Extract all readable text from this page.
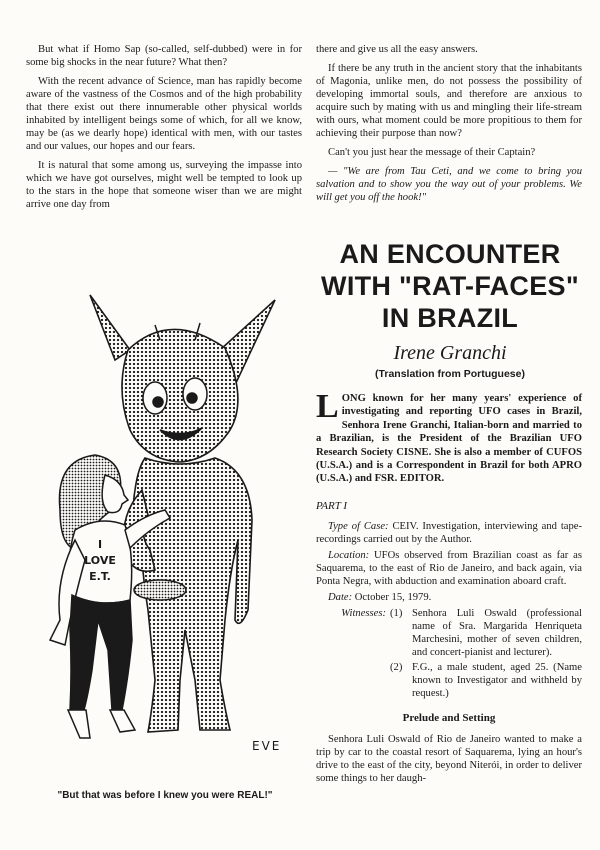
But what if Homo Sap (so-called, self-dubbed) were in for some big shocks in the near future? What then?

With the recent advance of Science, man has rapidly become aware of the vastness of the Cosmos and of the high probability that there exist out there innumerable other physical worlds inhabited by intelligent beings some of which, for all we know, may be (as we dearly hope) identical with men, with our tastes and our values, our hopes and our fears.

It is natural that some among us, surveying the impasse into which we have got ourselves, might well be tempted to look up to the stars in the hope that someone wiser than we are might arrive one day from

there and give us all the easy answers.

If there be any truth in the ancient story that the inhabitants of Magonia, unlike men, do not possess the possibility of developing immortal souls, and therefore are anxious to acquire such by mating with us and mingling their life-stream with ours, what moment could be more propitious to them for achieving their purpose than now?

Can't you just hear the message of their Captain?

— "We are from Tau Ceti, and we come to bring you salvation and to show you the way out of your problems. We will get you off the hook!"

AN ENCOUNTER
WITH "RAT-FACES"
IN BRAZIL
Irene Granchi
(Translation from Portuguese)
LONG known for her many years' experience of investigating and reporting UFO cases in Brazil, Senhora Irene Granchi, Italian-born and married to a Brazilian, is the President of the Brazilian UFO Research Society CISNE. She is also a member of CUFOS (U.S.A.) and is a Correspondent in Brazil for both APRO (U.S.A.) and FSR. EDITOR.
PART I

Type of Case: CEIV. Investigation, interviewing and tape-recordings carried out by the Author.

Location: UFOs observed from Brazilian coast as far as Saquarema, to the east of Rio de Janeiro, and back again, via Ponta Negra, with abduction and examination aboard craft.

Date: October 15, 1979.

Witnesses: (1) Senhora Luli Oswald (professional name of Sra. Margarida Henriqueta Marchesini, mother of seven children, and concert-pianist and lecturer).
(2) F.G., a male student, aged 25. (Name known to Investigator and withheld by request.)
Prelude and Setting

Senhora Luli Oswald of Rio de Janeiro wanted to make a trip by car to the coastal resort of Saquarema, lying an hour's drive to the east of the city, beyond Niterói, in order to deliver some things to her daugh-

I
LOVE
E.T.
EVE
"But that was before I knew you were REAL!"
